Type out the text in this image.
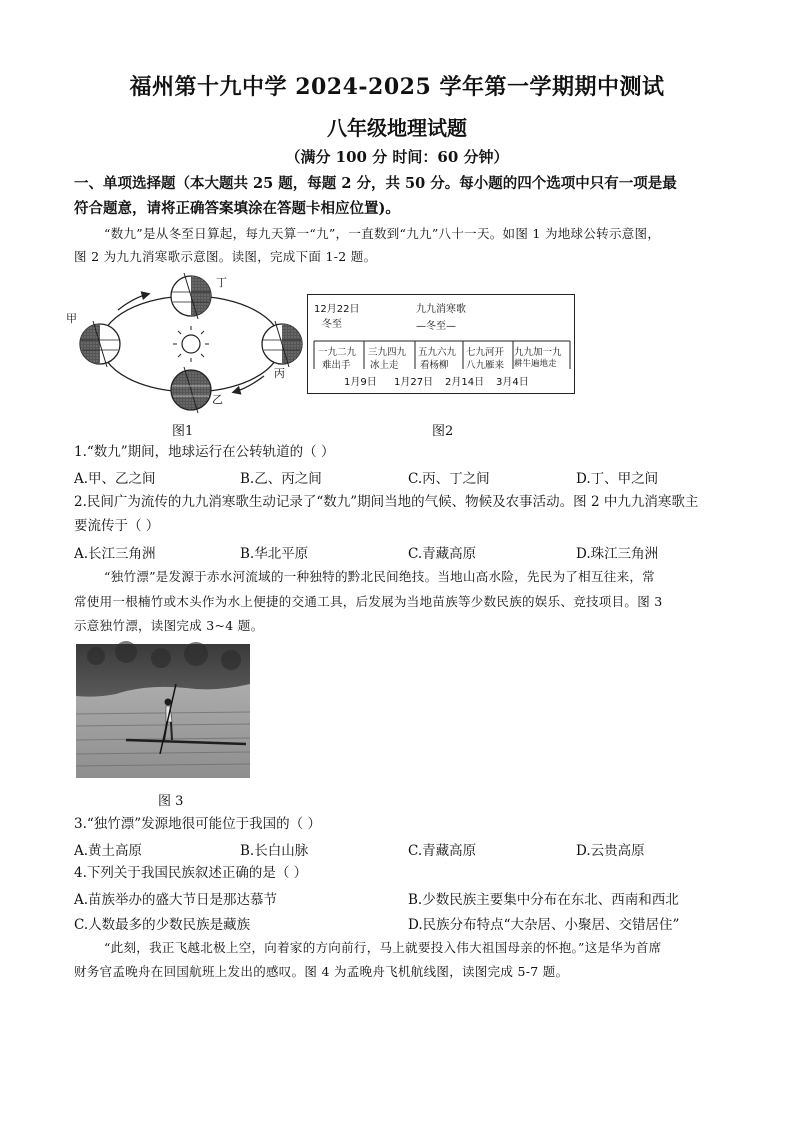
福州第十九中学 2024-2025 学年第一学期期中测试
八年级地理试题
（满分 100 分 时间：60 分钟）
一、单项选择题（本大题共 25 题，每题 2 分，共 50 分。每小题的四个选项中只有一项是最
符合题意，请将正确答案填涂在答题卡相应位置)。
“数九”是从冬至日算起，每九天算一“九”，一直数到“九九”八十一天。如图 1 为地球公转示意图，
图 2 为九九消寒歌示意图。读图，完成下面 1-2 题。
甲
丁
丙
乙
12月22日
冬至
九九消寒歌
—冬至—
一九二九
难出手
三九四九
冰上走
五九六九
看杨柳
七九河开
八九雁来
九九加一九
耕牛遍地走
1月9日 1月27日 2月14日 3月4日
图1	图2
1.“数九”期间，地球运行在公转轨道的（ ）
A.甲、乙之间	B.乙、丙之间	C.丙、丁之间	D.丁、甲之间
2.民间广为流传的九九消寒歌生动记录了“数九”期间当地的气候、物候及农事活动。图 2 中九九消寒歌主
要流传于（ ）
A.长江三角洲	B.华北平原	C.青藏高原	D.珠江三角洲
“独竹漂”是发源于赤水河流域的一种独特的黔北民间绝技。当地山高水险，先民为了相互往来，常
常使用一根楠竹或木头作为水上便捷的交通工具，后发展为当地苗族等少数民族的娱乐、竞技项目。图 3
示意独竹漂，读图完成 3~4 题。
图 3
3.“独竹漂”发源地很可能位于我国的（ ）
A.黄土高原	B.长白山脉	C.青藏高原	D.云贵高原
4.下列关于我国民族叙述正确的是（ ）
A.苗族举办的盛大节日是那达慕节	B.少数民族主要集中分布在东北、西南和西北
C.人数最多的少数民族是藏族	D.民族分布特点“大杂居、小聚居、交错居住”
“此刻，我正飞越北极上空，向着家的方向前行，马上就要投入伟大祖国母亲的怀抱。”这是华为首席
财务官孟晚舟在回国航班上发出的感叹。图 4 为孟晚舟飞机航线图，读图完成 5-7 题。
